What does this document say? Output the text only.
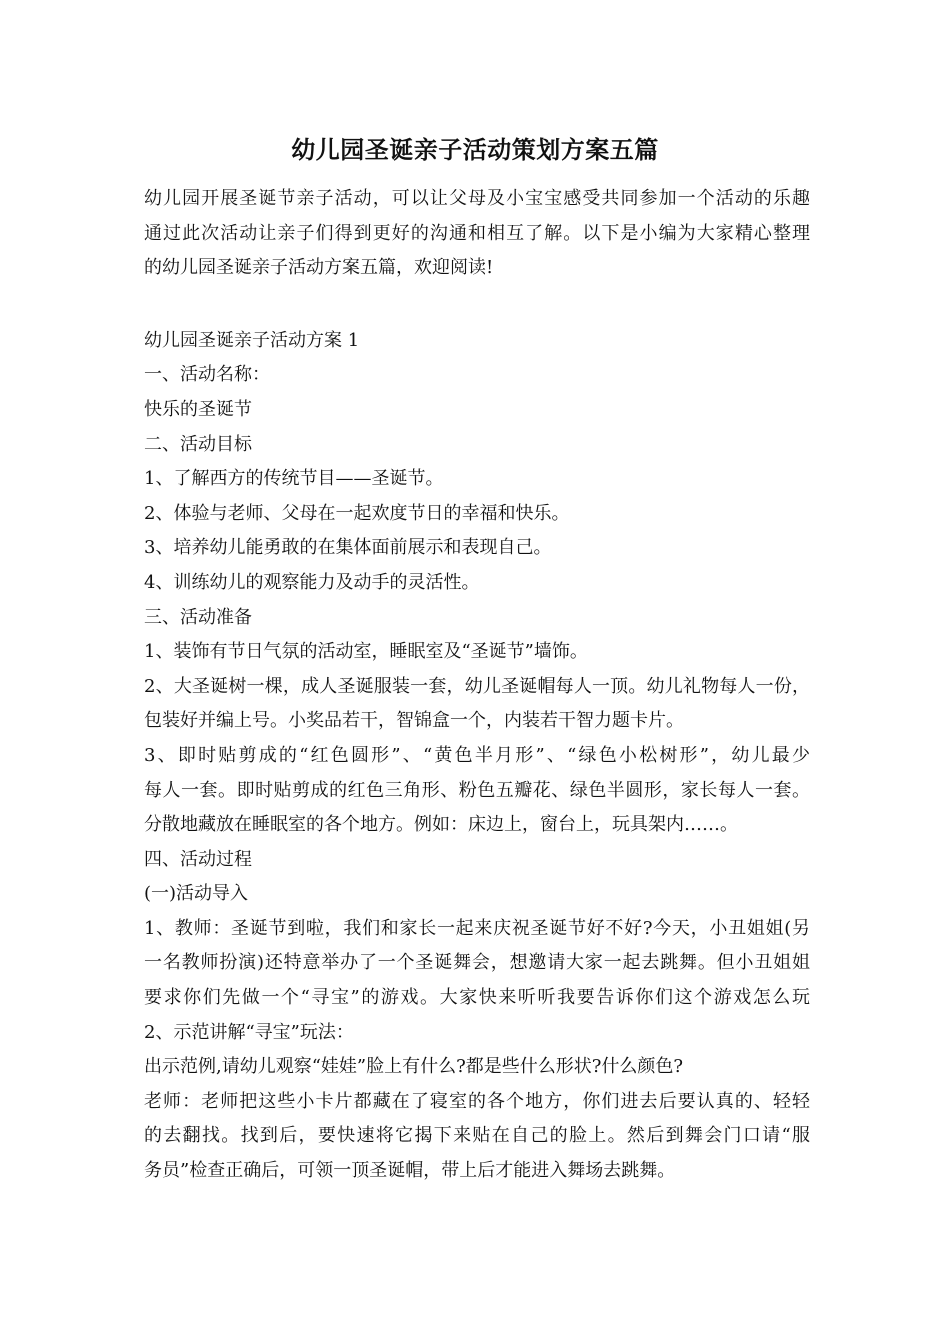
幼儿园圣诞亲子活动策划方案五篇
幼儿园开展圣诞节亲子活动，可以让父母及小宝宝感受共同参加一个活动的乐趣
通过此次活动让亲子们得到更好的沟通和相互了解。以下是小编为大家精心整理
的幼儿园圣诞亲子活动方案五篇，欢迎阅读!
幼儿园圣诞亲子活动方案 1
一、活动名称：
快乐的圣诞节
二、活动目标
1、了解西方的传统节目——圣诞节。
2、体验与老师、父母在一起欢度节日的幸福和快乐。
3、培养幼儿能勇敢的在集体面前展示和表现自己。
4、训练幼儿的观察能力及动手的灵活性。
三、活动准备
1、装饰有节日气氛的活动室，睡眠室及“圣诞节”墙饰。
2、大圣诞树一棵，成人圣诞服装一套，幼儿圣诞帽每人一顶。幼儿礼物每人一份，
包装好并编上号。小奖品若干，智锦盒一个，内装若干智力题卡片。
3、即时贴剪成的“红色圆形”、“黄色半月形”、“绿色小松树形”，幼儿最少
每人一套。即时贴剪成的红色三角形、粉色五瓣花、绿色半圆形，家长每人一套。
分散地藏放在睡眠室的各个地方。例如：床边上，窗台上，玩具架内……。
四、活动过程
(一)活动导入
1、教师：圣诞节到啦，我们和家长一起来庆祝圣诞节好不好?今天，小丑姐姐(另
一名教师扮演)还特意举办了一个圣诞舞会，想邀请大家一起去跳舞。但小丑姐姐
要求你们先做一个“寻宝”的游戏。大家快来听听我要告诉你们这个游戏怎么玩
2、示范讲解“寻宝”玩法：
出示范例,请幼儿观察“娃娃”脸上有什么?都是些什么形状?什么颜色?
老师：老师把这些小卡片都藏在了寝室的各个地方，你们进去后要认真的、轻轻
的去翻找。找到后，要快速将它揭下来贴在自己的脸上。然后到舞会门口请“服
务员”检查正确后，可领一顶圣诞帽，带上后才能进入舞场去跳舞。
